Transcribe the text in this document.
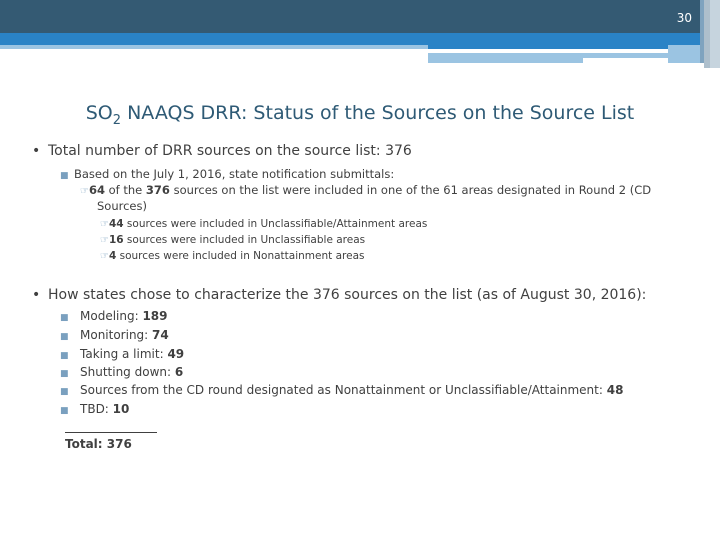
30
$SO_2$ NAAQS DRR: Status of the Sources on the Source List
• Total number of DRR sources on the source list: 376
■ Based on the July 1, 2016, state notification submittals:
☞64 of the 376 sources on the list were included in one of the 61 areas designated in Round 2 (CD
Sources)
☞44 sources were included in Unclassifiable/Attainment areas
☞16 sources were included in Unclassifiable areas
☞4 sources were included in Nonattainment areas
• How states chose to characterize the 376 sources on the list (as of August 30, 2016):
■ Modeling: 189
■ Monitoring: 74
■ Taking a limit: 49
■ Shutting down: 6
■ Sources from the CD round designated as Nonattainment or Unclassifiable/Attainment: 48
■ TBD: 10
Total: 376
